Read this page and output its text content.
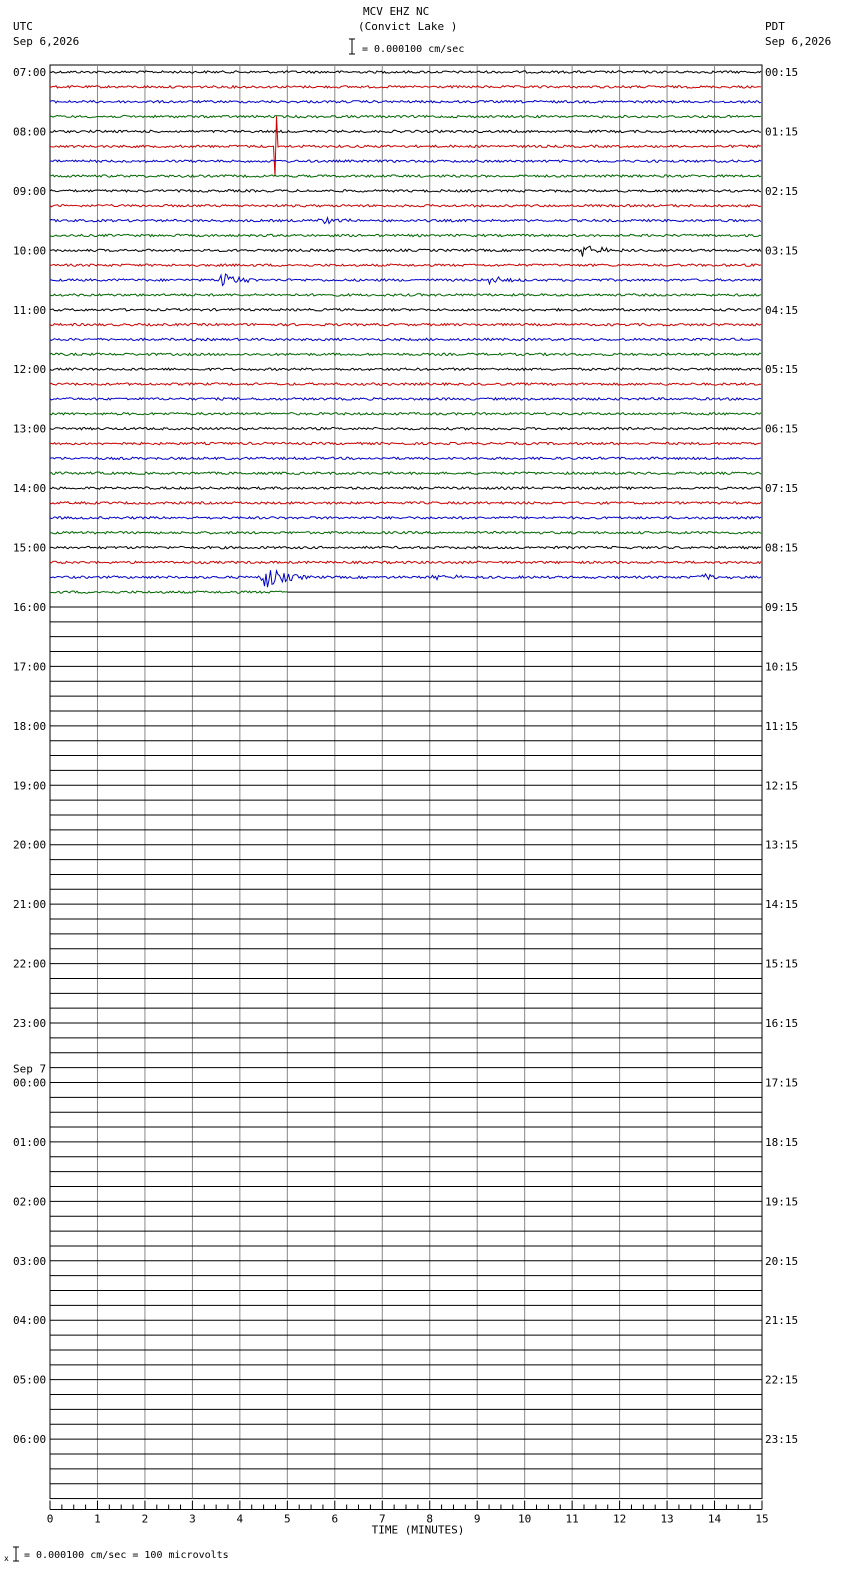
MCV EHZ NC
(Convict Lake )
UTC
Sep 6,2026
PDT
Sep 6,2026
= 0.000100 cm/sec
07:00
08:00
09:00
10:00
11:00
12:00
13:00
14:00
15:00
16:00
17:00
18:00
19:00
20:00
21:00
22:00
23:00
00:00
01:00
02:00
03:00
04:00
05:00
06:00
00:15
01:15
02:15
03:15
04:15
05:15
06:15
07:15
08:15
09:15
10:15
11:15
12:15
13:15
14:15
15:15
16:15
17:15
18:15
19:15
20:15
21:15
22:15
23:15
Sep 7
0	1	2	3	4	5	6	7	8	9	10	11	12	13	14	15
TIME (MINUTES)
x = 0.000100 cm/sec = 100 microvolts
